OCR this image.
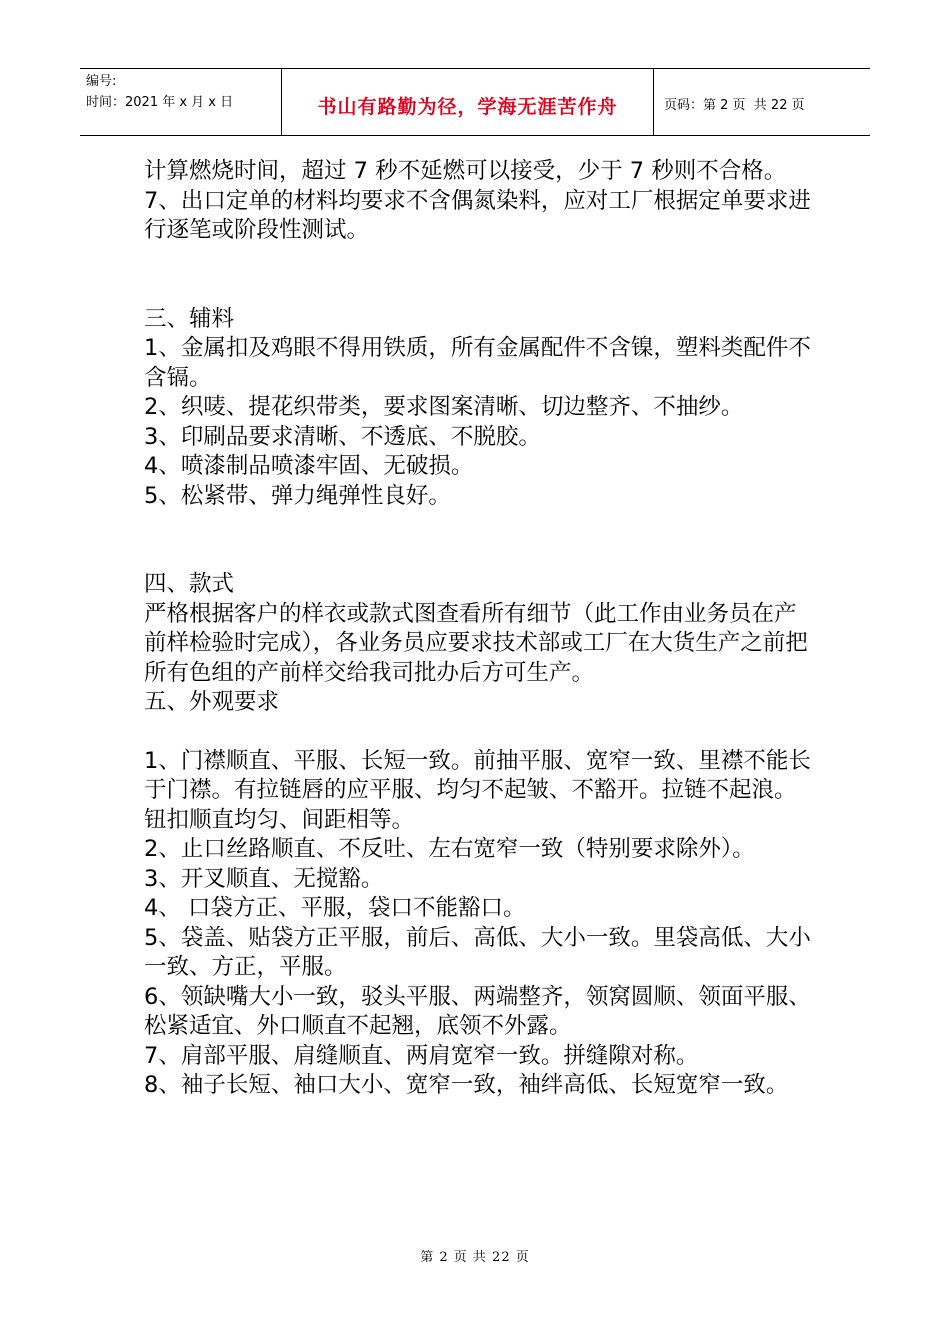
编号:
时间：2021 年 x 月 x 日	书山有路勤为径，学海无涯苦作舟	页码：第 2 页  共 22 页

计算燃烧时间，超过 7 秒不延燃可以接受，少于 7 秒则不合格。

7、出口定单的材料均要求不含偶氮染料，应对工厂根据定单要求进行逐笔或阶段性测试。

三、辅料

1、金属扣及鸡眼不得用铁质，所有金属配件不含镍，塑料类配件不含镉。

2、织唛、提花织带类，要求图案清晰、切边整齐、不抽纱。

3、印刷品要求清晰、不透底、不脱胶。

4、喷漆制品喷漆牢固、无破损。

5、松紧带、弹力绳弹性良好。

四、款式

严格根据客户的样衣或款式图查看所有细节（此工作由业务员在产前样检验时完成），各业务员应要求技术部或工厂在大货生产之前把所有色组的产前样交给我司批办后方可生产。

五、外观要求

1、门襟顺直、平服、长短一致。前抽平服、宽窄一致、里襟不能长于门襟。有拉链唇的应平服、均匀不起皱、不豁开。拉链不起浪。钮扣顺直均匀、间距相等。

2、止口丝路顺直、不反吐、左右宽窄一致（特别要求除外）。

3、开叉顺直、无搅豁。

4、 口袋方正、平服，袋口不能豁口。

5、袋盖、贴袋方正平服，前后、高低、大小一致。里袋高低、大小一致、方正，平服。

6、领缺嘴大小一致，驳头平服、两端整齐，领窝圆顺、领面平服、松紧适宜、外口顺直不起翘，底领不外露。

7、肩部平服、肩缝顺直、两肩宽窄一致。拼缝隙对称。

8、袖子长短、袖口大小、宽窄一致，袖绊高低、长短宽窄一致。

第 2 页 共 22 页
